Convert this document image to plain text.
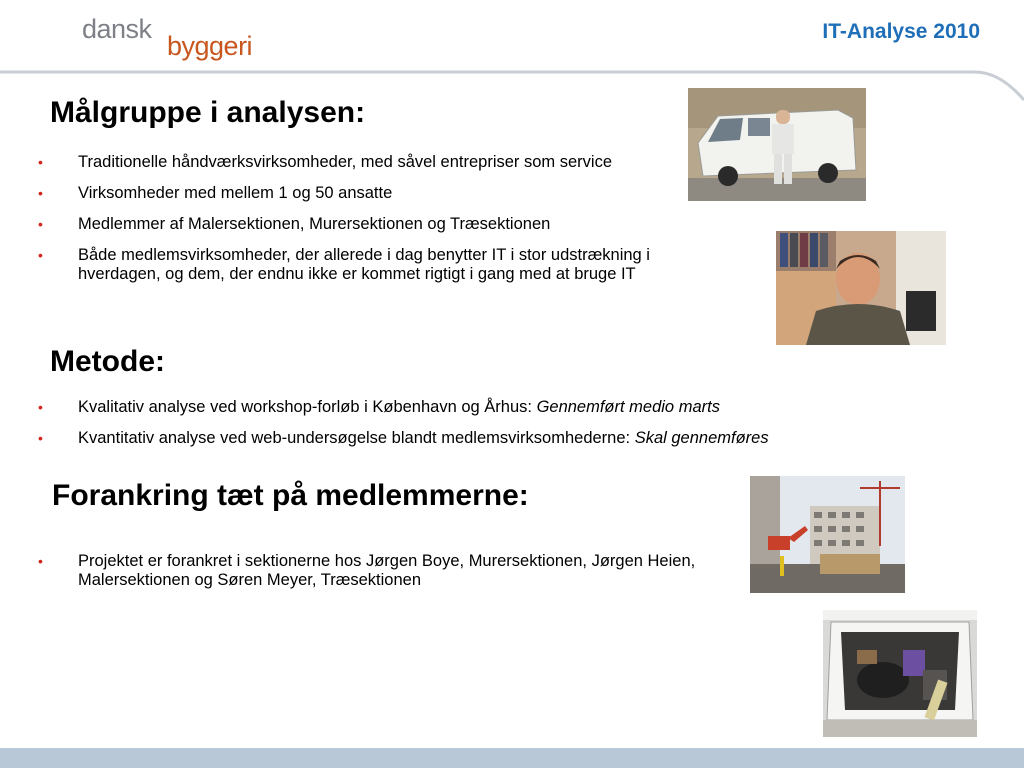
dansk
byggeri	IT-Analyse 2010
Målgruppe i analysen:
• Traditionelle håndværksvirksomheder, med såvel entrepriser som service
• Virksomheder med mellem 1 og 50 ansatte
• Medlemmer af Malersektionen, Murersektionen og Træsektionen
• Både medlemsvirksomheder, der allerede i dag benytter IT i stor udstrækning i hverdagen, og dem, der endnu ikke er kommet rigtigt i gang med at bruge IT
Metode:
• Kvalitativ analyse ved workshop-forløb i København og Århus: Gennemført medio marts
• Kvantitativ analyse ved web-undersøgelse blandt medlemsvirksomhederne: Skal gennemføres
Forankring tæt på medlemmerne:
• Projektet er forankret i sektionerne hos Jørgen Boye, Murersektionen, Jørgen Heien, Malersektionen og Søren Meyer, Træsektionen
